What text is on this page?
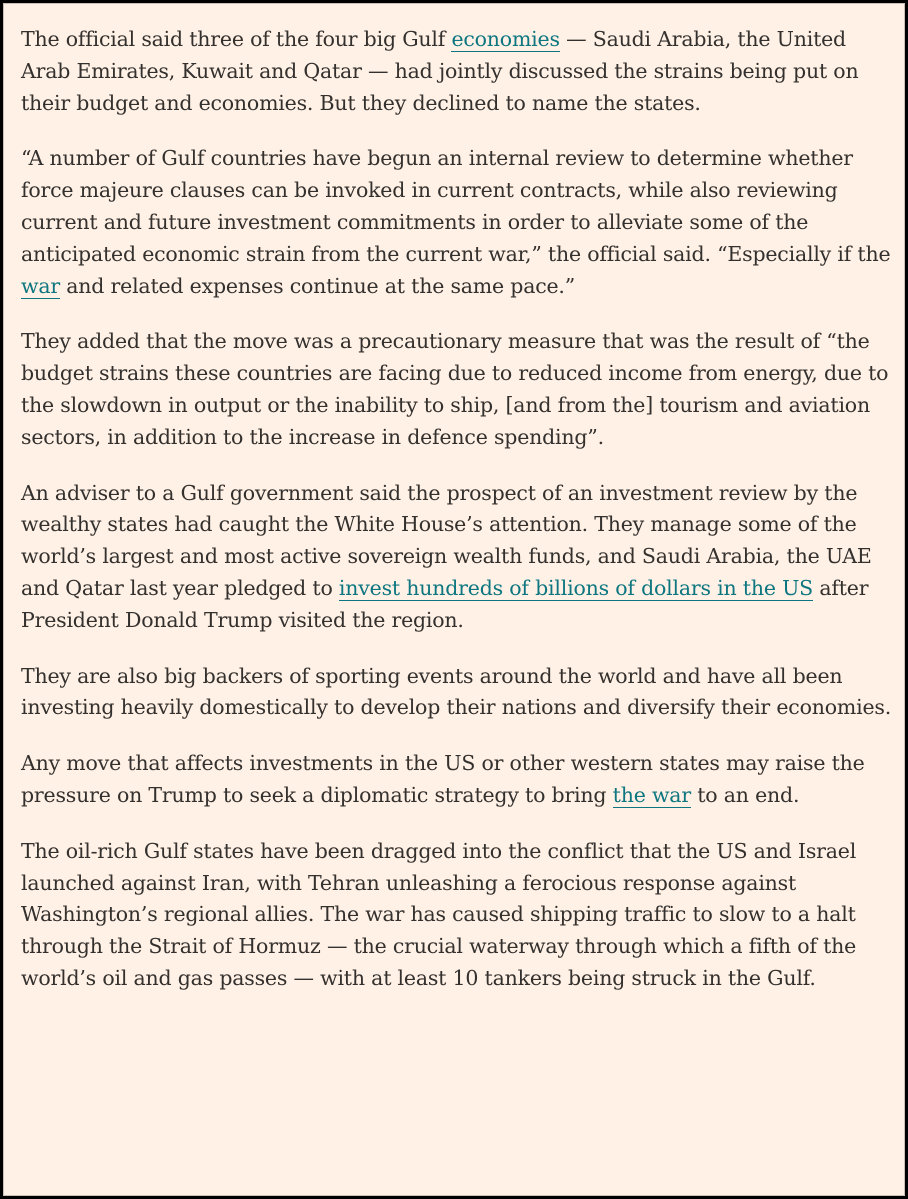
The official said three of the four big Gulf economies — Saudi Arabia, the United Arab Emirates, Kuwait and Qatar — had jointly discussed the strains being put on their budget and economies. But they declined to name the states.

“A number of Gulf countries have begun an internal review to determine whether force majeure clauses can be invoked in current contracts, while also reviewing current and future investment commitments in order to alleviate some of the anticipated economic strain from the current war,” the official said. “Especially if the war and related expenses continue at the same pace.”

They added that the move was a precautionary measure that was the result of “the budget strains these countries are facing due to reduced income from energy, due to the slowdown in output or the inability to ship, [and from the] tourism and aviation sectors, in addition to the increase in defence spending”.

An adviser to a Gulf government said the prospect of an investment review by the wealthy states had caught the White House’s attention. They manage some of the world’s largest and most active sovereign wealth funds, and Saudi Arabia, the UAE and Qatar last year pledged to invest hundreds of billions of dollars in the US after President Donald Trump visited the region.

They are also big backers of sporting events around the world and have all been investing heavily domestically to develop their nations and diversify their economies.

Any move that affects investments in the US or other western states may raise the pressure on Trump to seek a diplomatic strategy to bring the war to an end.

The oil-rich Gulf states have been dragged into the conflict that the US and Israel launched against Iran, with Tehran unleashing a ferocious response against Washington’s regional allies. The war has caused shipping traffic to slow to a halt through the Strait of Hormuz — the crucial waterway through which a fifth of the world’s oil and gas passes — with at least 10 tankers being struck in the Gulf.
